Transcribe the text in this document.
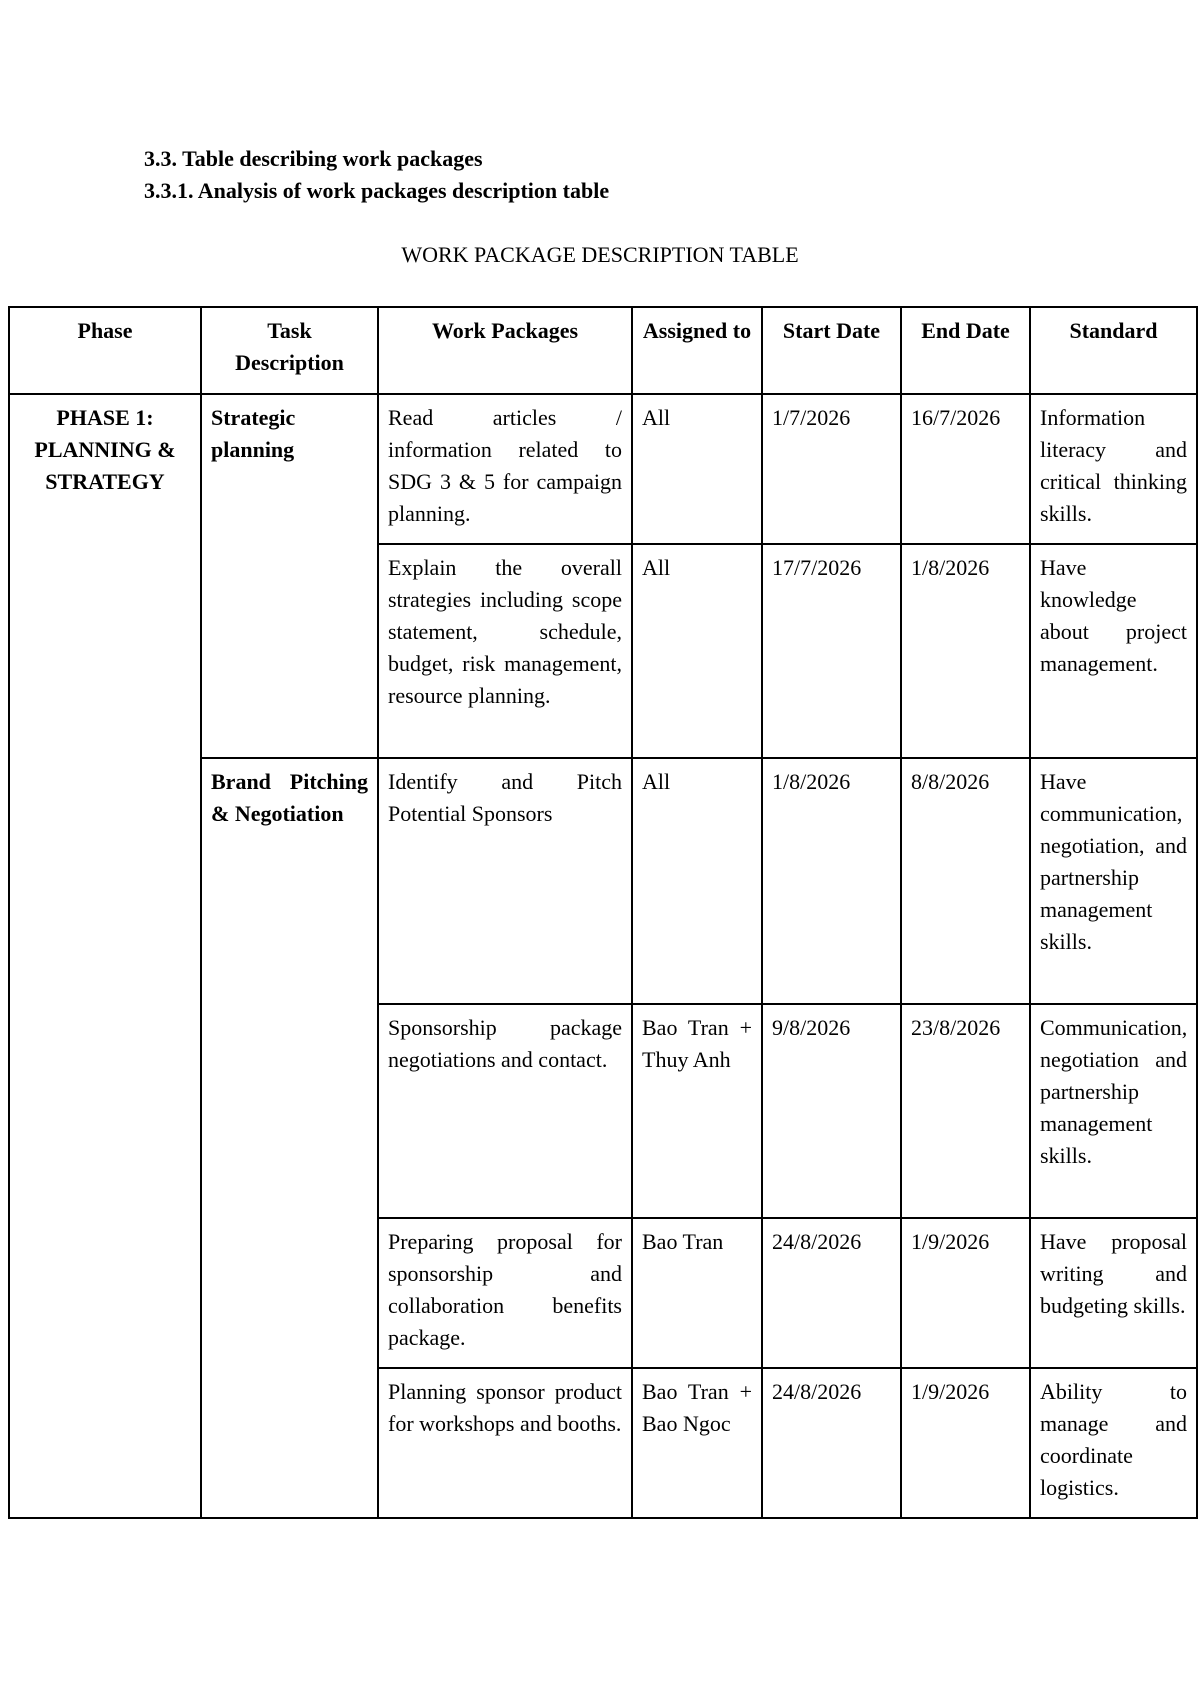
3.3. Table describing work packages
3.3.1. Analysis of work packages description table
WORK PACKAGE DESCRIPTION TABLE
Phase	Task Description	Work Packages	Assigned to	Start Date	End Date	Standard
PHASE 1: PLANNING & STRATEGY	Strategic planning	Read articles / information related to SDG 3 & 5 for campaign planning.	All	1/7/2026	16/7/2026	Information literacy and critical thinking skills.
		Explain the overall strategies including scope statement, schedule, budget, risk management, resource planning.	All	17/7/2026	1/8/2026	Have knowledge about project management.
	Brand Pitching & Negotiation	Identify and Pitch Potential Sponsors	All	1/8/2026	8/8/2026	Have communication, negotiation, and partnership management skills.
		Sponsorship package negotiations and contact.	Bao Tran + Thuy Anh	9/8/2026	23/8/2026	Communication, negotiation and partnership management skills.
		Preparing proposal for sponsorship and collaboration benefits package.	Bao Tran	24/8/2026	1/9/2026	Have proposal writing and budgeting skills.
		Planning sponsor product for workshops and booths.	Bao Tran + Bao Ngoc	24/8/2026	1/9/2026	Ability to manage and coordinate logistics.
